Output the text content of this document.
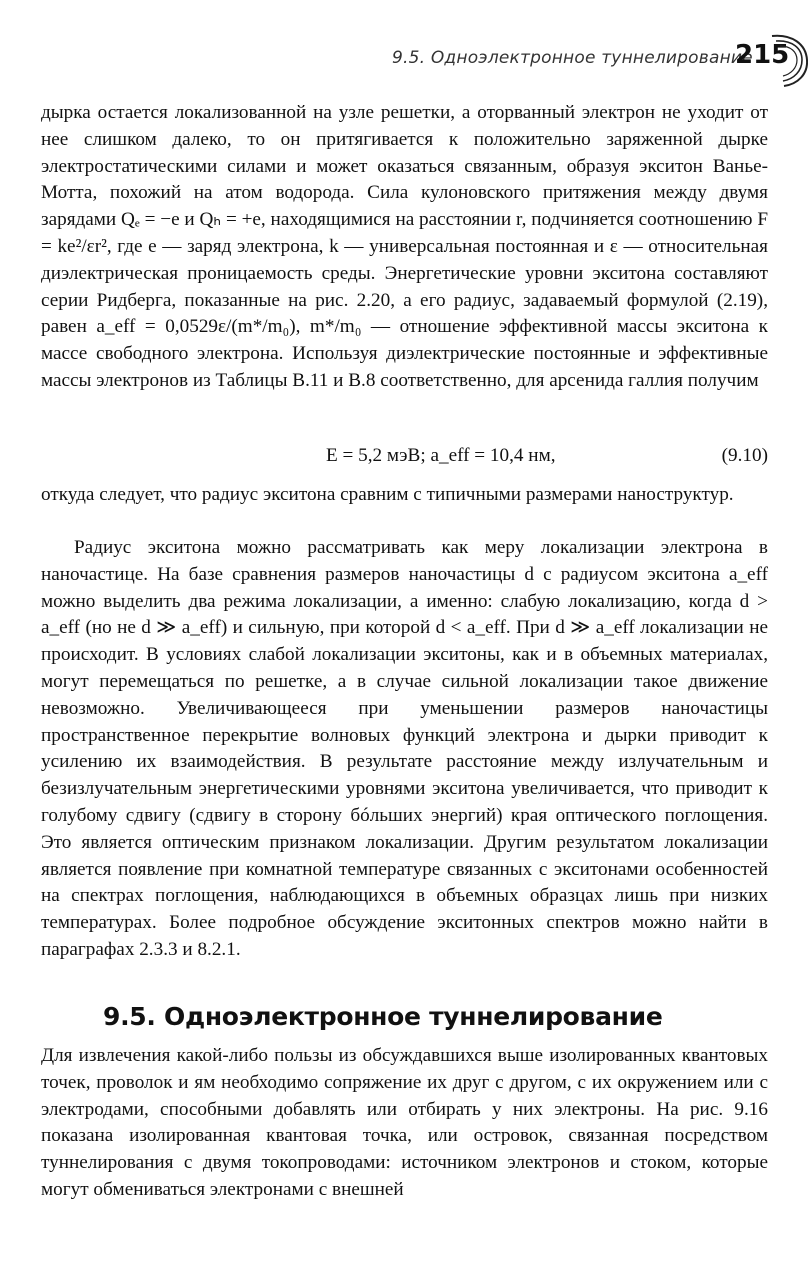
9.5. Одноэлектронное туннелирование
215
дырка остается локализованной на узле решетки, а оторванный электрон не уходит от нее слишком далеко, то он притягивается к положительно заряженной дырке электростатическими силами и может оказаться связанным, образуя экситон Ванье-Мотта, похожий на атом водорода. Сила кулоновского притяжения между двумя зарядами Qₑ = −e и Qₕ = +e, находящимися на расстоянии r, подчиняется соотношению F = ke²/εr², где e — заряд электрона, k — универсальная постоянная и ε — относительная диэлектрическая проницаемость среды. Энергетические уровни экситона составляют серии Ридберга, показанные на рис. 2.20, а его радиус, задаваемый формулой (2.19), равен a_eff = 0,0529ε/(m*/m₀), m*/m₀ — отношение эффективной массы экситона к массе свободного электрона. Используя диэлектрические постоянные и эффективные массы электронов из Таблицы B.11 и B.8 соответственно, для арсенида галлия получим
E = 5,2 мэВ; a_eff = 10,4 нм,	(9.10)
откуда следует, что радиус экситона сравним с типичными размерами наноструктур.
Радиус экситона можно рассматривать как меру локализации электрона в наночастице. На базе сравнения размеров наночастицы d с радиусом экситона a_eff можно выделить два режима локализации, а именно: слабую локализацию, когда d > a_eff (но не d ≫ a_eff) и сильную, при которой d < a_eff. При d ≫ a_eff локализации не происходит. В условиях слабой локализации экситоны, как и в объемных материалах, могут перемещаться по решетке, а в случае сильной локализации такое движение невозможно. Увеличивающееся при уменьшении размеров наночастицы пространственное перекрытие волновых функций электрона и дырки приводит к усилению их взаимодействия. В результате расстояние между излучательным и безизлучательным энергетическими уровнями экситона увеличивается, что приводит к голубому сдвигу (сдвигу в сторону бóльших энергий) края оптического поглощения. Это является оптическим признаком локализации. Другим результатом локализации является появление при комнатной температуре связанных с экситонами особенностей на спектрах поглощения, наблюдающихся в объемных образцах лишь при низких температурах. Более подробное обсуждение экситонных спектров можно найти в параграфах 2.3.3 и 8.2.1.
9.5. Одноэлектронное туннелирование
Для извлечения какой-либо пользы из обсуждавшихся выше изолированных квантовых точек, проволок и ям необходимо сопряжение их друг с другом, с их окружением или с электродами, способными добавлять или отбирать у них электроны. На рис. 9.16 показана изолированная квантовая точка, или островок, связанная посредством туннелирования с двумя токопроводами: источником электронов и стоком, которые могут обмениваться электронами с внешней
